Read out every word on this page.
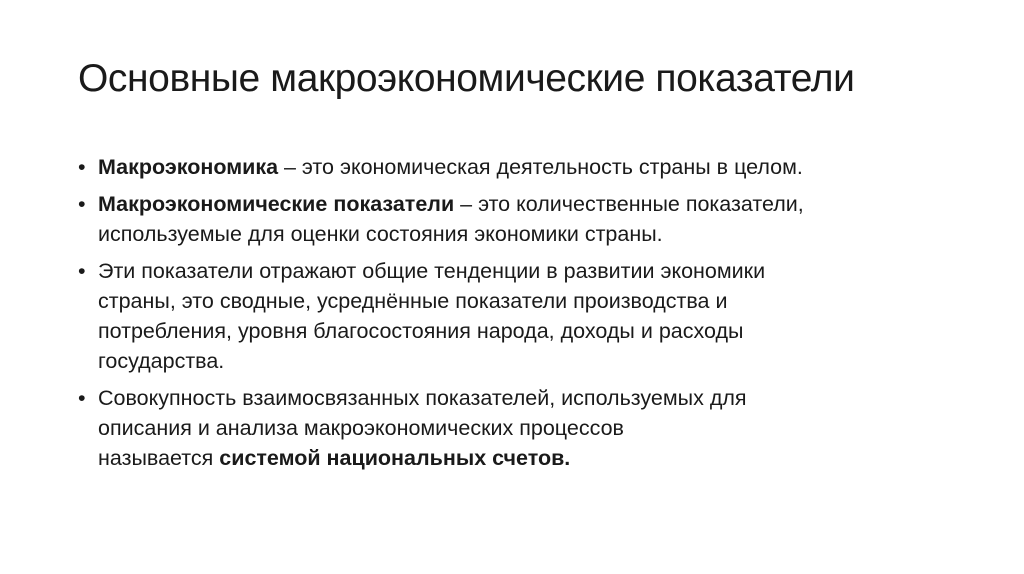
Основные макроэкономические показатели
• Макроэкономика – это экономическая деятельность страны в целом.
• Макроэкономические показатели – это количественные показатели,
используемые для оценки состояния экономики страны.
• Эти показатели отражают общие тенденции в развитии экономики
страны, это сводные, усреднённые показатели производства и
потребления, уровня благосостояния народа, доходы и расходы
государства.
• Совокупность взаимосвязанных показателей, используемых для
описания и анализа макроэкономических процессов
называется системой национальных счетов.
